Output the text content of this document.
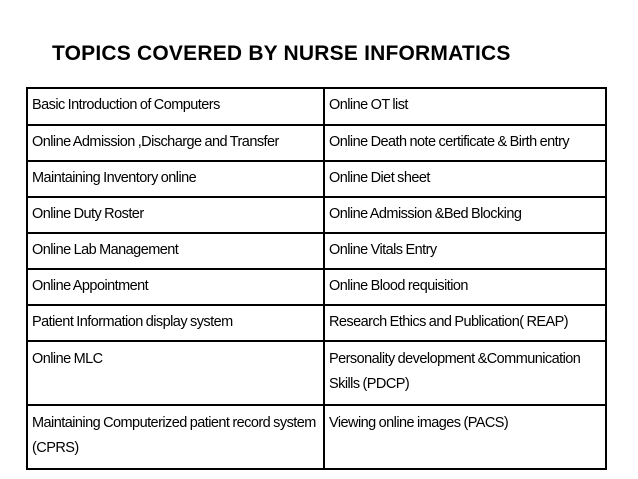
TOPICS COVERED BY NURSE INFORMATICS
Basic Introduction of Computers	Online OT list

Online Admission ,Discharge and Transfer	Online Death note certificate & Birth entry

Maintaining Inventory online	Online Diet sheet

Online Duty Roster	Online Admission &Bed Blocking

Online Lab Management	Online Vitals Entry

Online Appointment	Online Blood requisition

Patient Information display system	Research Ethics and Publication( REAP)

Online MLC	Personality development &Communication Skills (PDCP)

Maintaining Computerized patient record system (CPRS)	Viewing online images (PACS)
